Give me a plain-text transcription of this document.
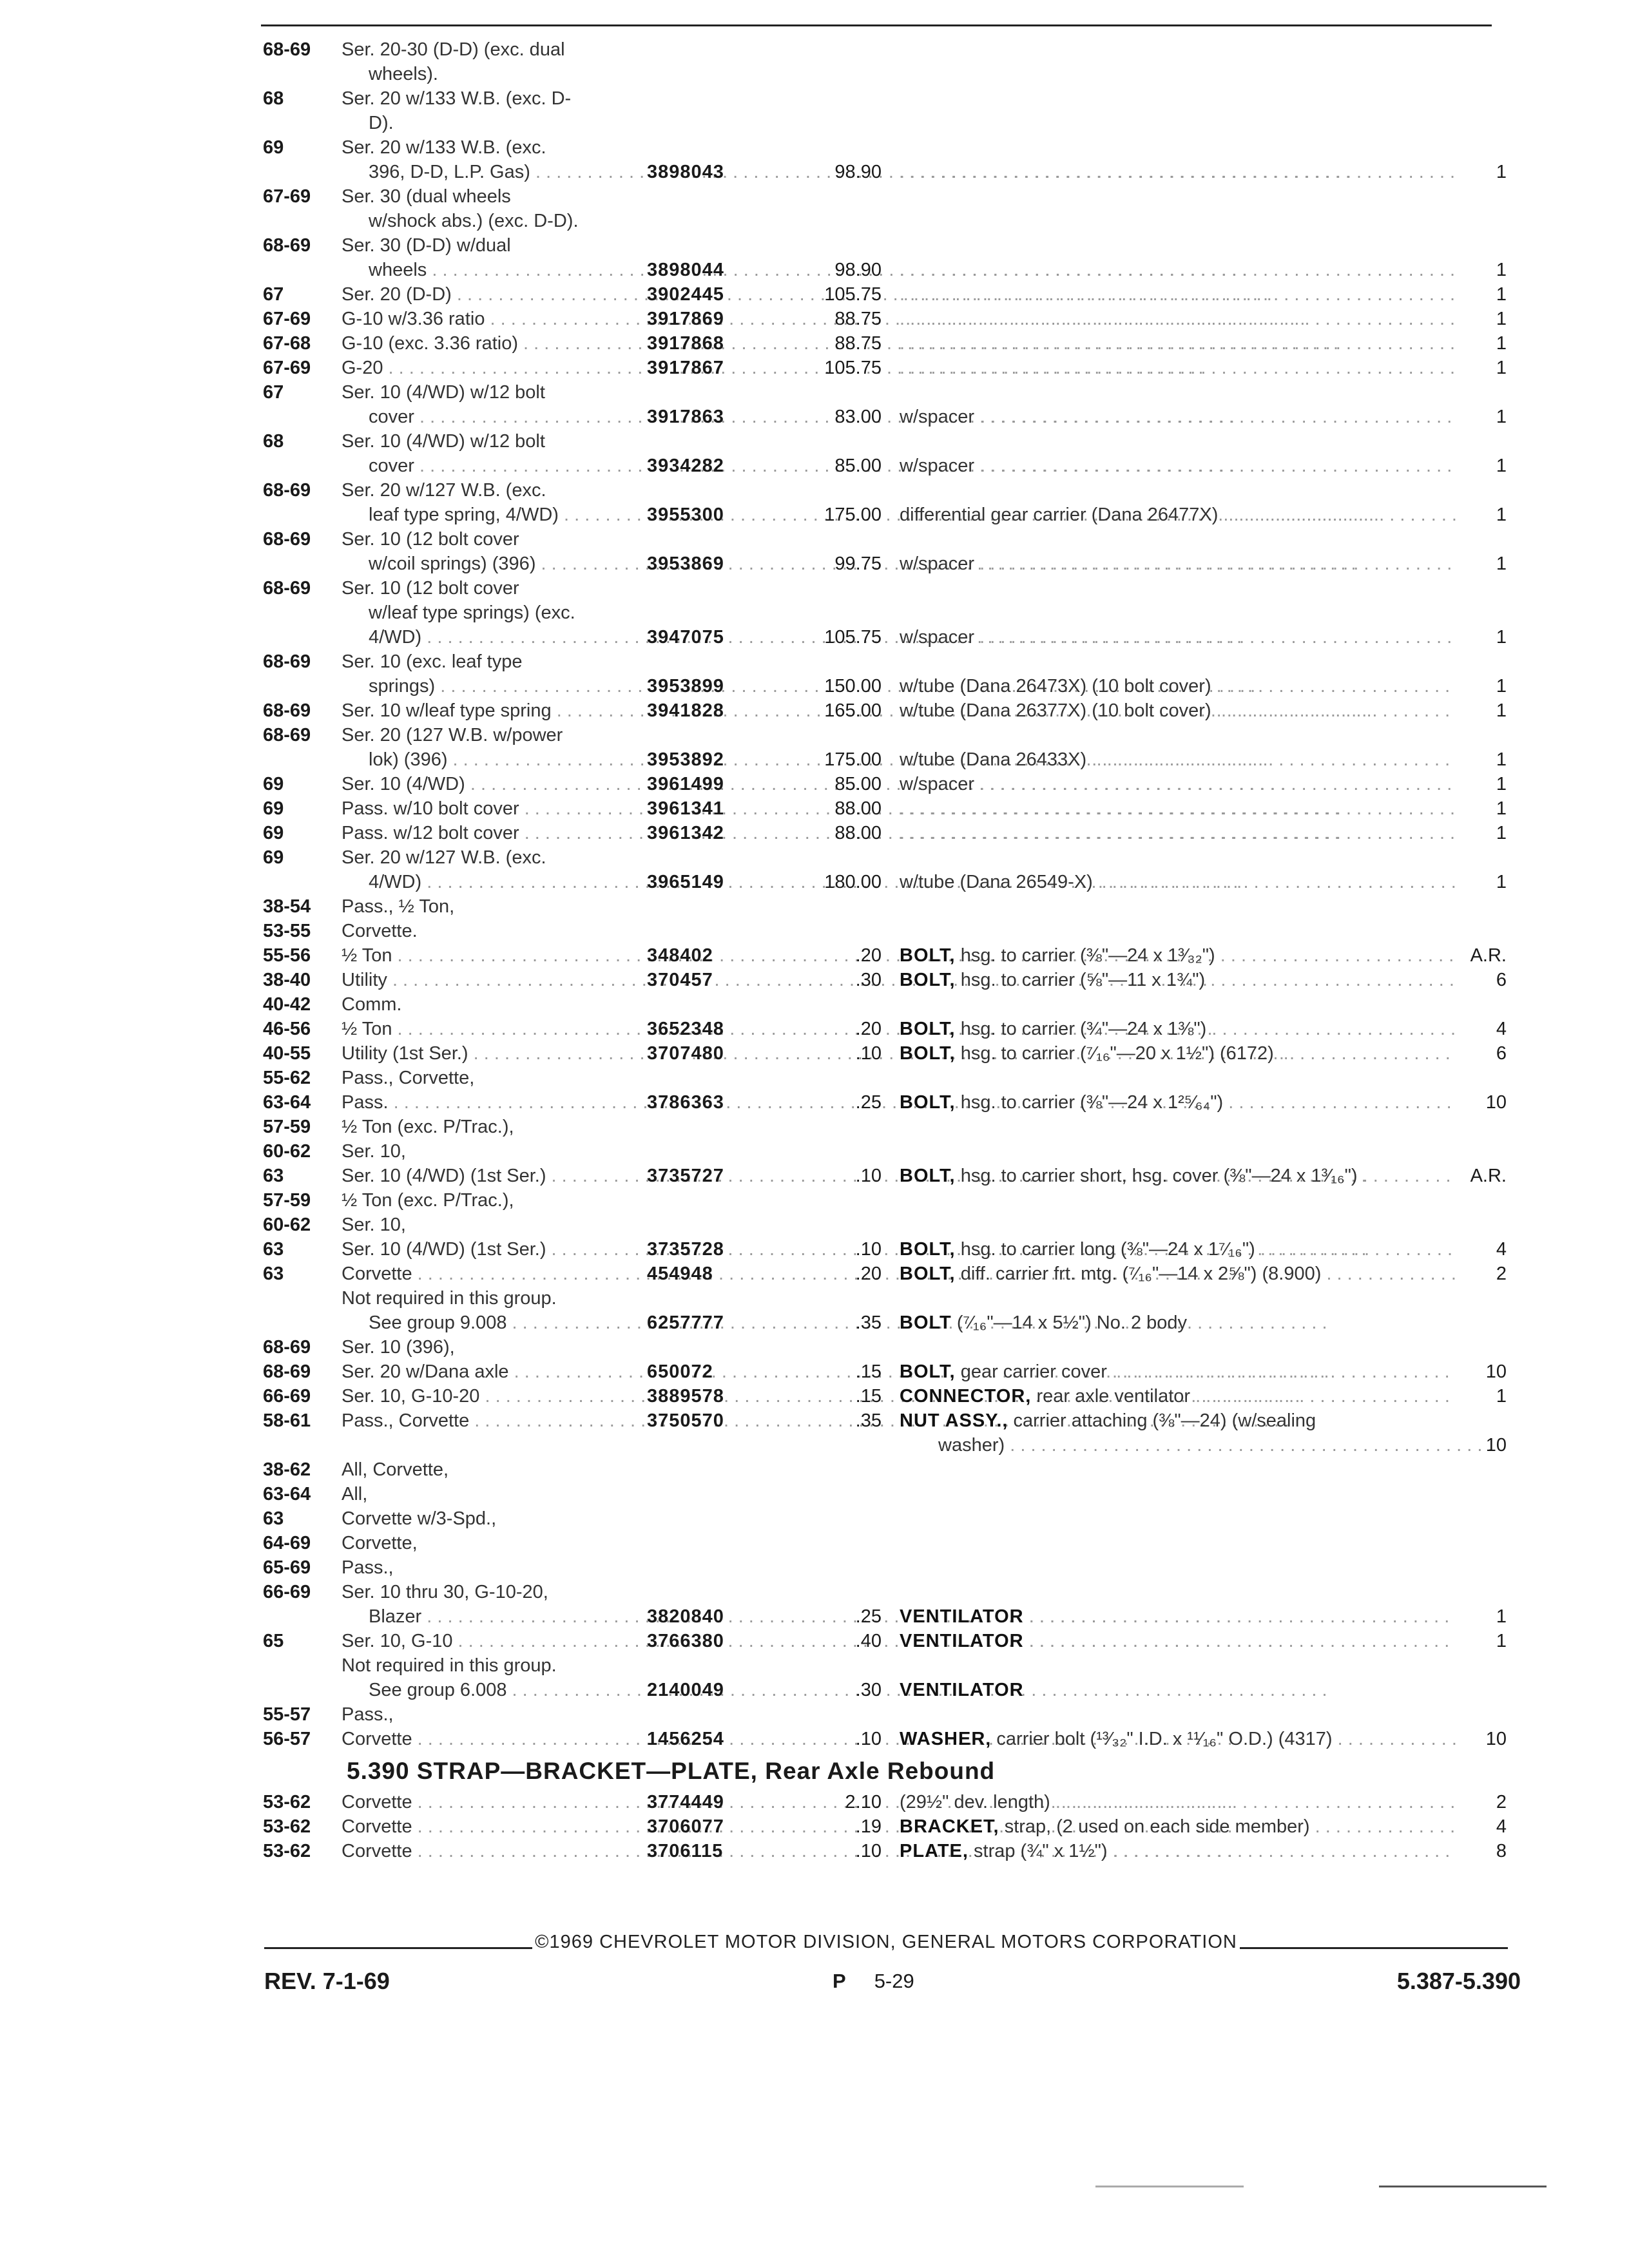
68-69	Ser. 20-30 (D-D) (exc. dual
wheels).
68	Ser. 20 w/133 W.B. (exc. D-
D).
69	Ser. 20 w/133 W.B. (exc.
396, D-D, L.P. Gas) . . .	3898043	98.90 . . .	1
67-69	Ser. 30 (dual wheels
w/shock abs.) (exc. D-D).
68-69	Ser. 30 (D-D) w/dual
wheels . . .	3898044	98.90 . . .	1
67	Ser. 20 (D-D) . . .	3902445	105.75 . . .	1
67-69	G-10 w/3.36 ratio . . .	3917869	88.75 . . .	1
67-68	G-10 (exc. 3.36 ratio) . . .	3917868	88.75 . . .	1
67-69	G-20 . . .	3917867	105.75 . . .	1
67	Ser. 10 (4/WD) w/12 bolt
cover . . .	3917863	83.00 w/spacer . . .	1
68	Ser. 10 (4/WD) w/12 bolt
cover . . .	3934282	85.00 w/spacer . . .	1
68-69	Ser. 20 w/127 W.B. (exc.
leaf type spring, 4/WD) . . .	3955300	175.00 differential gear carrier (Dana 26477X) . . .	1
68-69	Ser. 10 (12 bolt cover
w/coil springs) (396) . . .	3953869	99.75 w/spacer . . .	1
68-69	Ser. 10 (12 bolt cover
w/leaf type springs) (exc.
4/WD) . . .	3947075	105.75 w/spacer . . .	1
68-69	Ser. 10 (exc. leaf type
springs) . . .	3953899	150.00 w/tube (Dana 26473X) (10 bolt cover) . . .	1
68-69	Ser. 10 w/leaf type spring . . .	3941828	165.00 w/tube (Dana 26377X) (10 bolt cover) . . .	1
68-69	Ser. 20 (127 W.B. w/power
lok) (396) . . .	3953892	175.00 w/tube (Dana 26433X) . . .	1
69	Ser. 10 (4/WD) . . .	3961499	85.00 w/spacer . . .	1
69	Pass. w/10 bolt cover . . .	3961341	88.00 . . .	1
69	Pass. w/12 bolt cover . . .	3961342	88.00 . . .	1
69	Ser. 20 w/127 W.B. (exc.
4/WD) . . .	3965149	180.00 w/tube (Dana 26549-X) . . .	1
38-54	Pass., ½ Ton,
53-55	Corvette.
55-56	½ Ton . . .	348402	.20 BOLT, hsg. to carrier (⅜"—24 x 1³⁄₃₂") . . .	A.R.
38-40	Utility . . .	370457	.30 BOLT, hsg. to carrier (⅝"—11 x 1¾") . . .	6
40-42	Comm.
46-56	½ Ton . . .	3652348	.20 BOLT, hsg. to carrier (¾"—24 x 1⅜") . . .	4
40-55	Utility (1st Ser.) . . .	3707480	.10 BOLT, hsg. to carrier (⁷⁄₁₆"—20 x 1½") (6172) . . .	6
55-62	Pass., Corvette,
63-64	Pass. . . .	3786363	.25 BOLT, hsg. to carrier (⅜"—24 x 1²⁵⁄₆₄") . . .	10
57-59	½ Ton (exc. P/Trac.),
60-62	Ser. 10,
63	Ser. 10 (4/WD) (1st Ser.) . . .	3735727	.10 BOLT, hsg. to carrier short, hsg. cover (⅜"—24 x 1³⁄₁₆") . . .	A.R.
57-59	½ Ton (exc. P/Trac.),
60-62	Ser. 10,
63	Ser. 10 (4/WD) (1st Ser.) . . .	3735728	.10 BOLT, hsg. to carrier long (⅜"—24 x 1⁷⁄₁₆") . . .	4
63	Corvette . . .	454948	.20 BOLT, diff. carrier frt. mtg. (⁷⁄₁₆"—14 x 2⅝") (8.900) . . .	2
Not required in this group.
See group 9.008 . . .	6257777	.35 BOLT (⁷⁄₁₆"—14 x 5½") No. 2 body
68-69	Ser. 10 (396),
68-69	Ser. 20 w/Dana axle . . .	650072	.15 BOLT, gear carrier cover . . .	10
66-69	Ser. 10, G-10-20 . . .	3889578	.15 CONNECTOR, rear axle ventilator . . .	1
58-61	Pass., Corvette . . .	3750570	.35 NUT ASSY., carrier attaching (⅜"—24) (w/sealing
washer) . . .	10
38-62	All, Corvette,
63-64	All,
63	Corvette w/3-Spd.,
64-69	Corvette,
65-69	Pass.,
66-69	Ser. 10 thru 30, G-10-20,
Blazer . . .	3820840	.25 VENTILATOR . . .	1
65	Ser. 10, G-10 . . .	3766380	.40 VENTILATOR . . .	1
Not required in this group.
See group 6.008 . . .	2140049	.30 VENTILATOR
55-57	Pass.,
56-57	Corvette . . .	1456254	.10 WASHER, carrier bolt (¹³⁄₃₂" I.D. x ¹¹⁄₁₆" O.D.) (4317) . . .	10
5.390 STRAP—BRACKET—PLATE, Rear Axle Rebound
53-62	Corvette . . .	3774449	2.10 (29½" dev. length) . . .	2
53-62	Corvette . . .	3706077	.19 BRACKET, strap, (2 used on each side member) . . .	4
53-62	Corvette . . .	3706115	.10 PLATE, strap (¾" x 1½") . . .	8
©1969 CHEVROLET MOTOR DIVISION, GENERAL MOTORS CORPORATION
REV. 7-1-69	P 5-29	5.387-5.390
